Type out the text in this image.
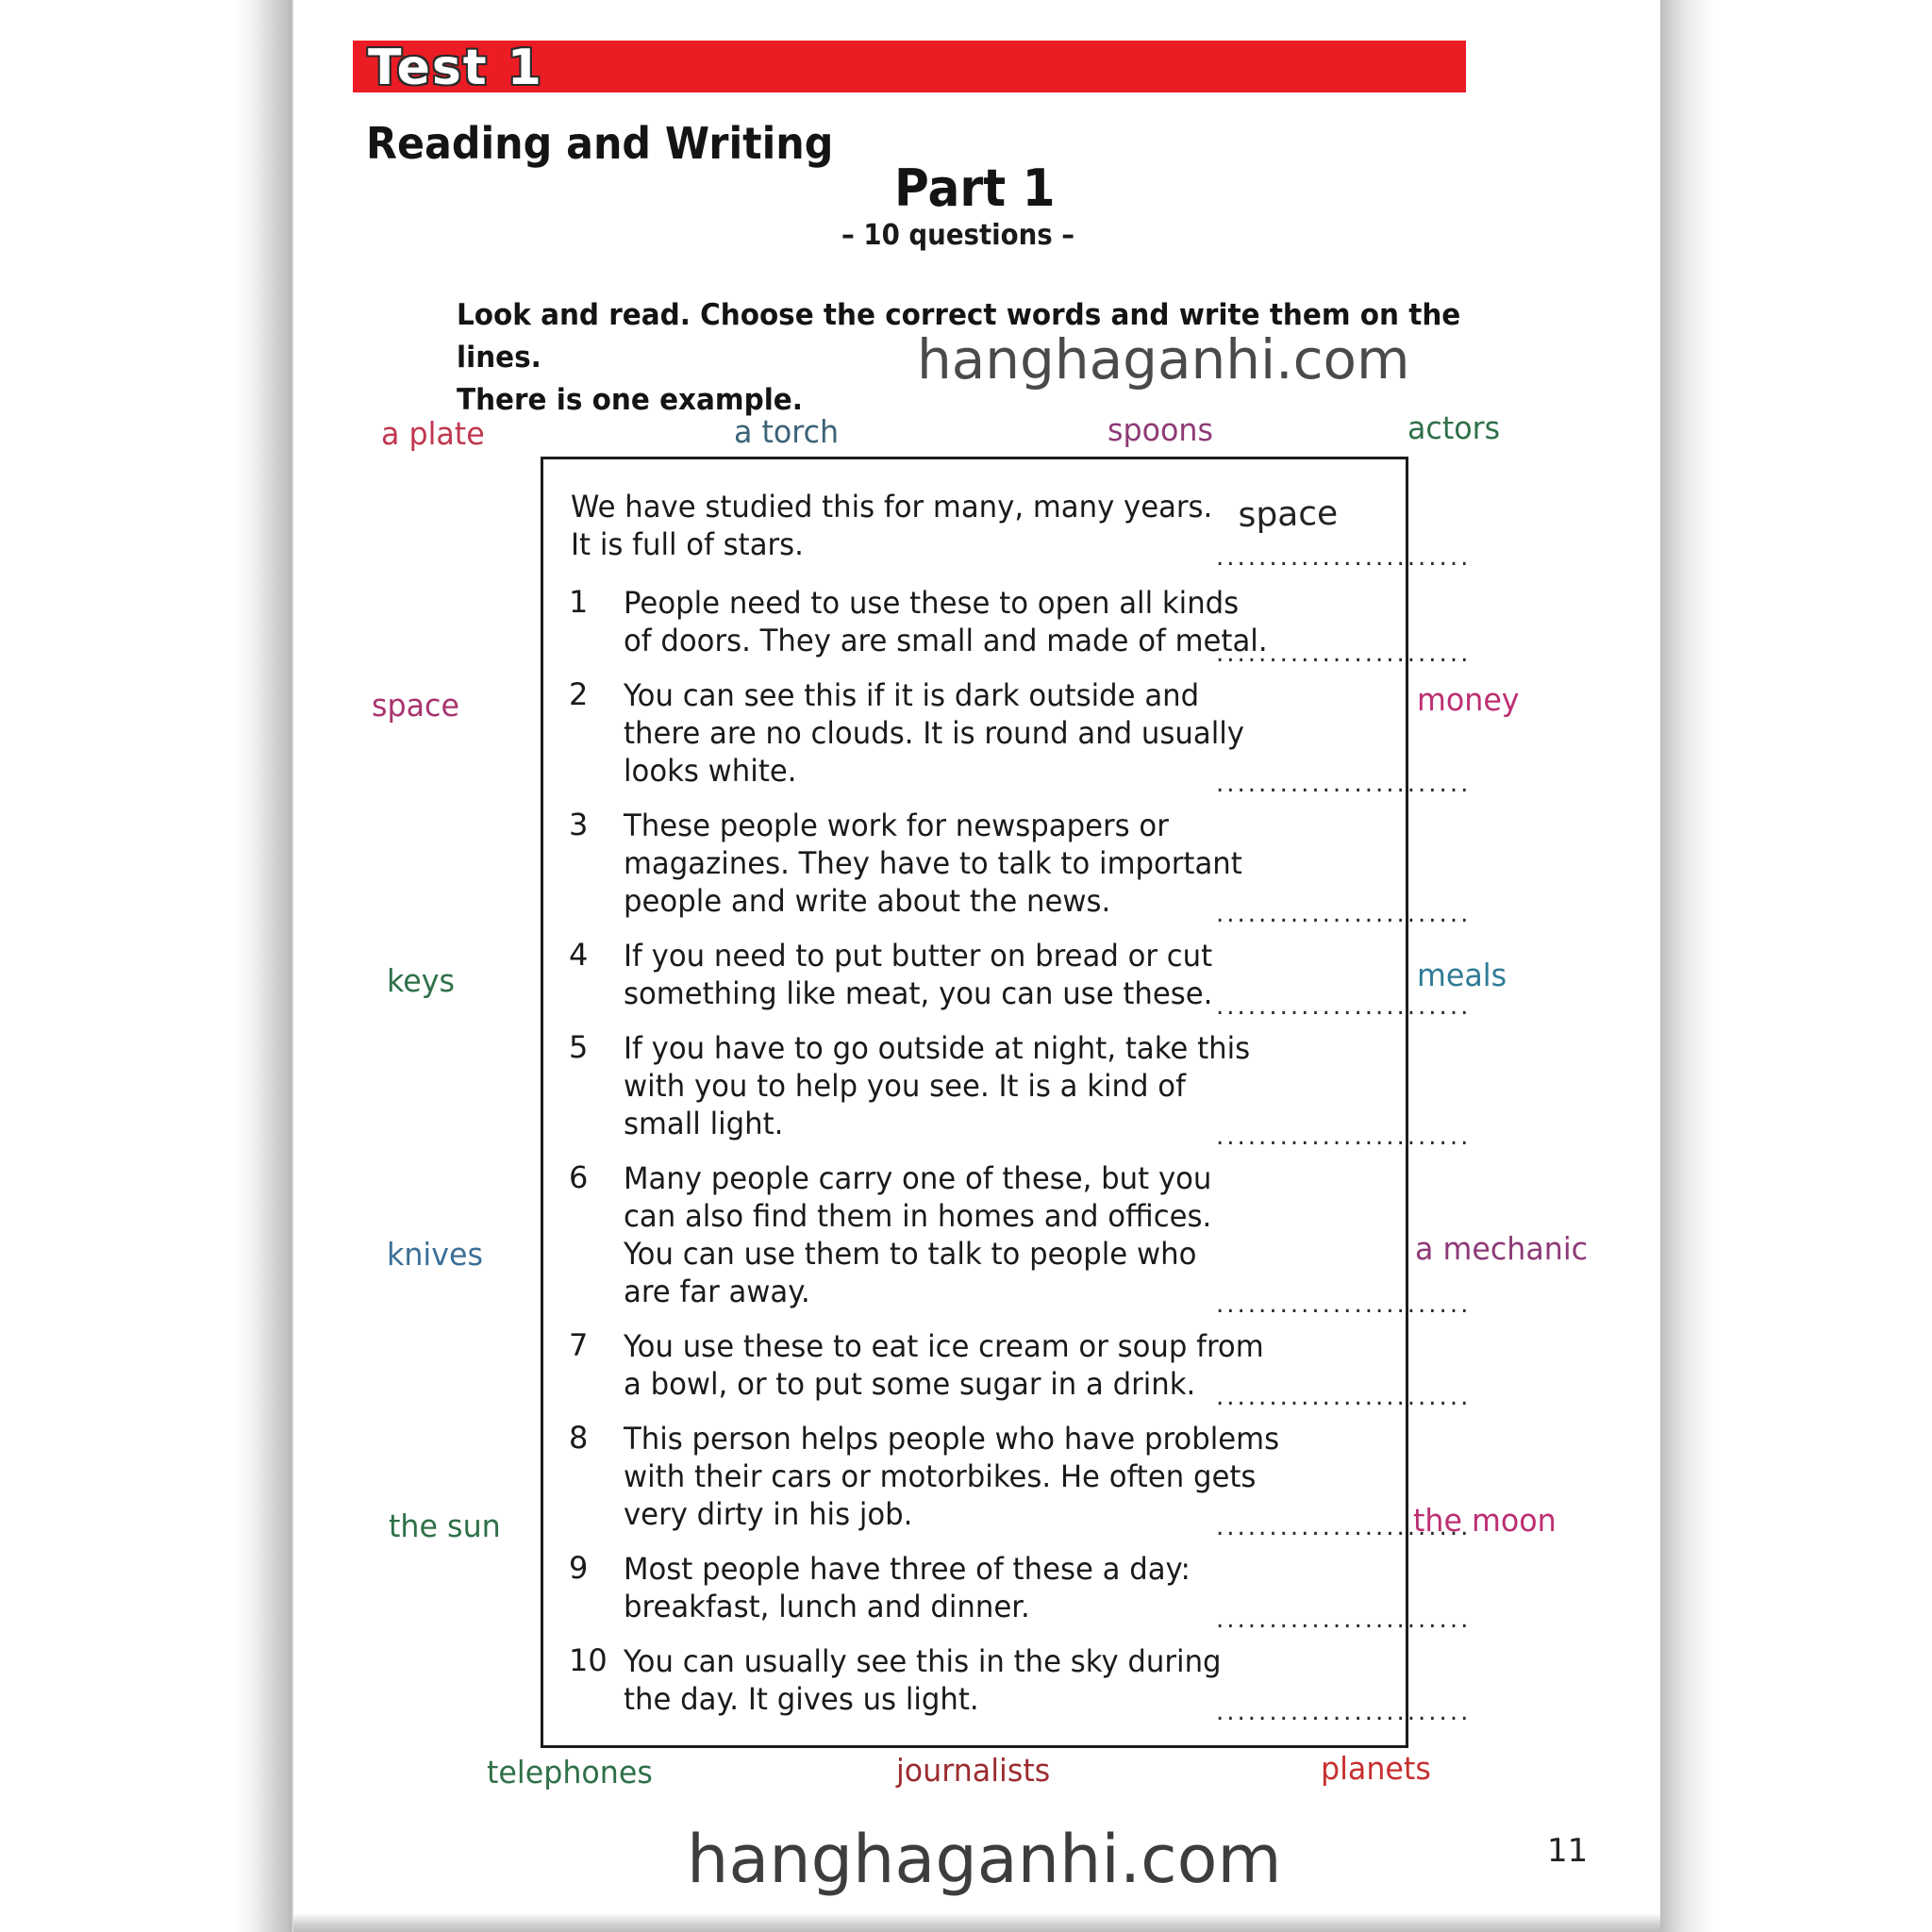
Test 1
Reading and Writing
Part 1
– 10 questions –
Look and read. Choose the correct words and write them on the lines.
There is one example.
hanghaganhi.com
hanghaganhi.com	11
a plate	a torch	spoons	actors
space
keys
knives
the sun
money
meals
a mechanic
the moon
telephones	journalists	planets
We have studied this for many, many years.
It is full of stars.
space
........................
1 People need to use these to open all kinds
of doors. They are small and made of metal.
........................
2 You can see this if it is dark outside and
there are no clouds. It is round and usually
looks white.	........................
3 These people work for newspapers or
magazines. They have to talk to important
people and write about the news.	........................
4 If you need to put butter on bread or cut
something like meat, you can use these. ........................
5 If you have to go outside at night, take this
with you to help you see. It is a kind of
small light.	........................
6 Many people carry one of these, but you
can also find them in homes and offices.
You can use them to talk to people who
are far away.	........................
7 You use these to eat ice cream or soup from
a bowl, or to put some sugar in a drink. ........................
8 This person helps people who have problems
with their cars or motorbikes. He often gets
very dirty in his job.	........................
9 Most people have three of these a day:
breakfast, lunch and dinner.	........................
10 You can usually see this in the sky during
the day. It gives us light.	........................
